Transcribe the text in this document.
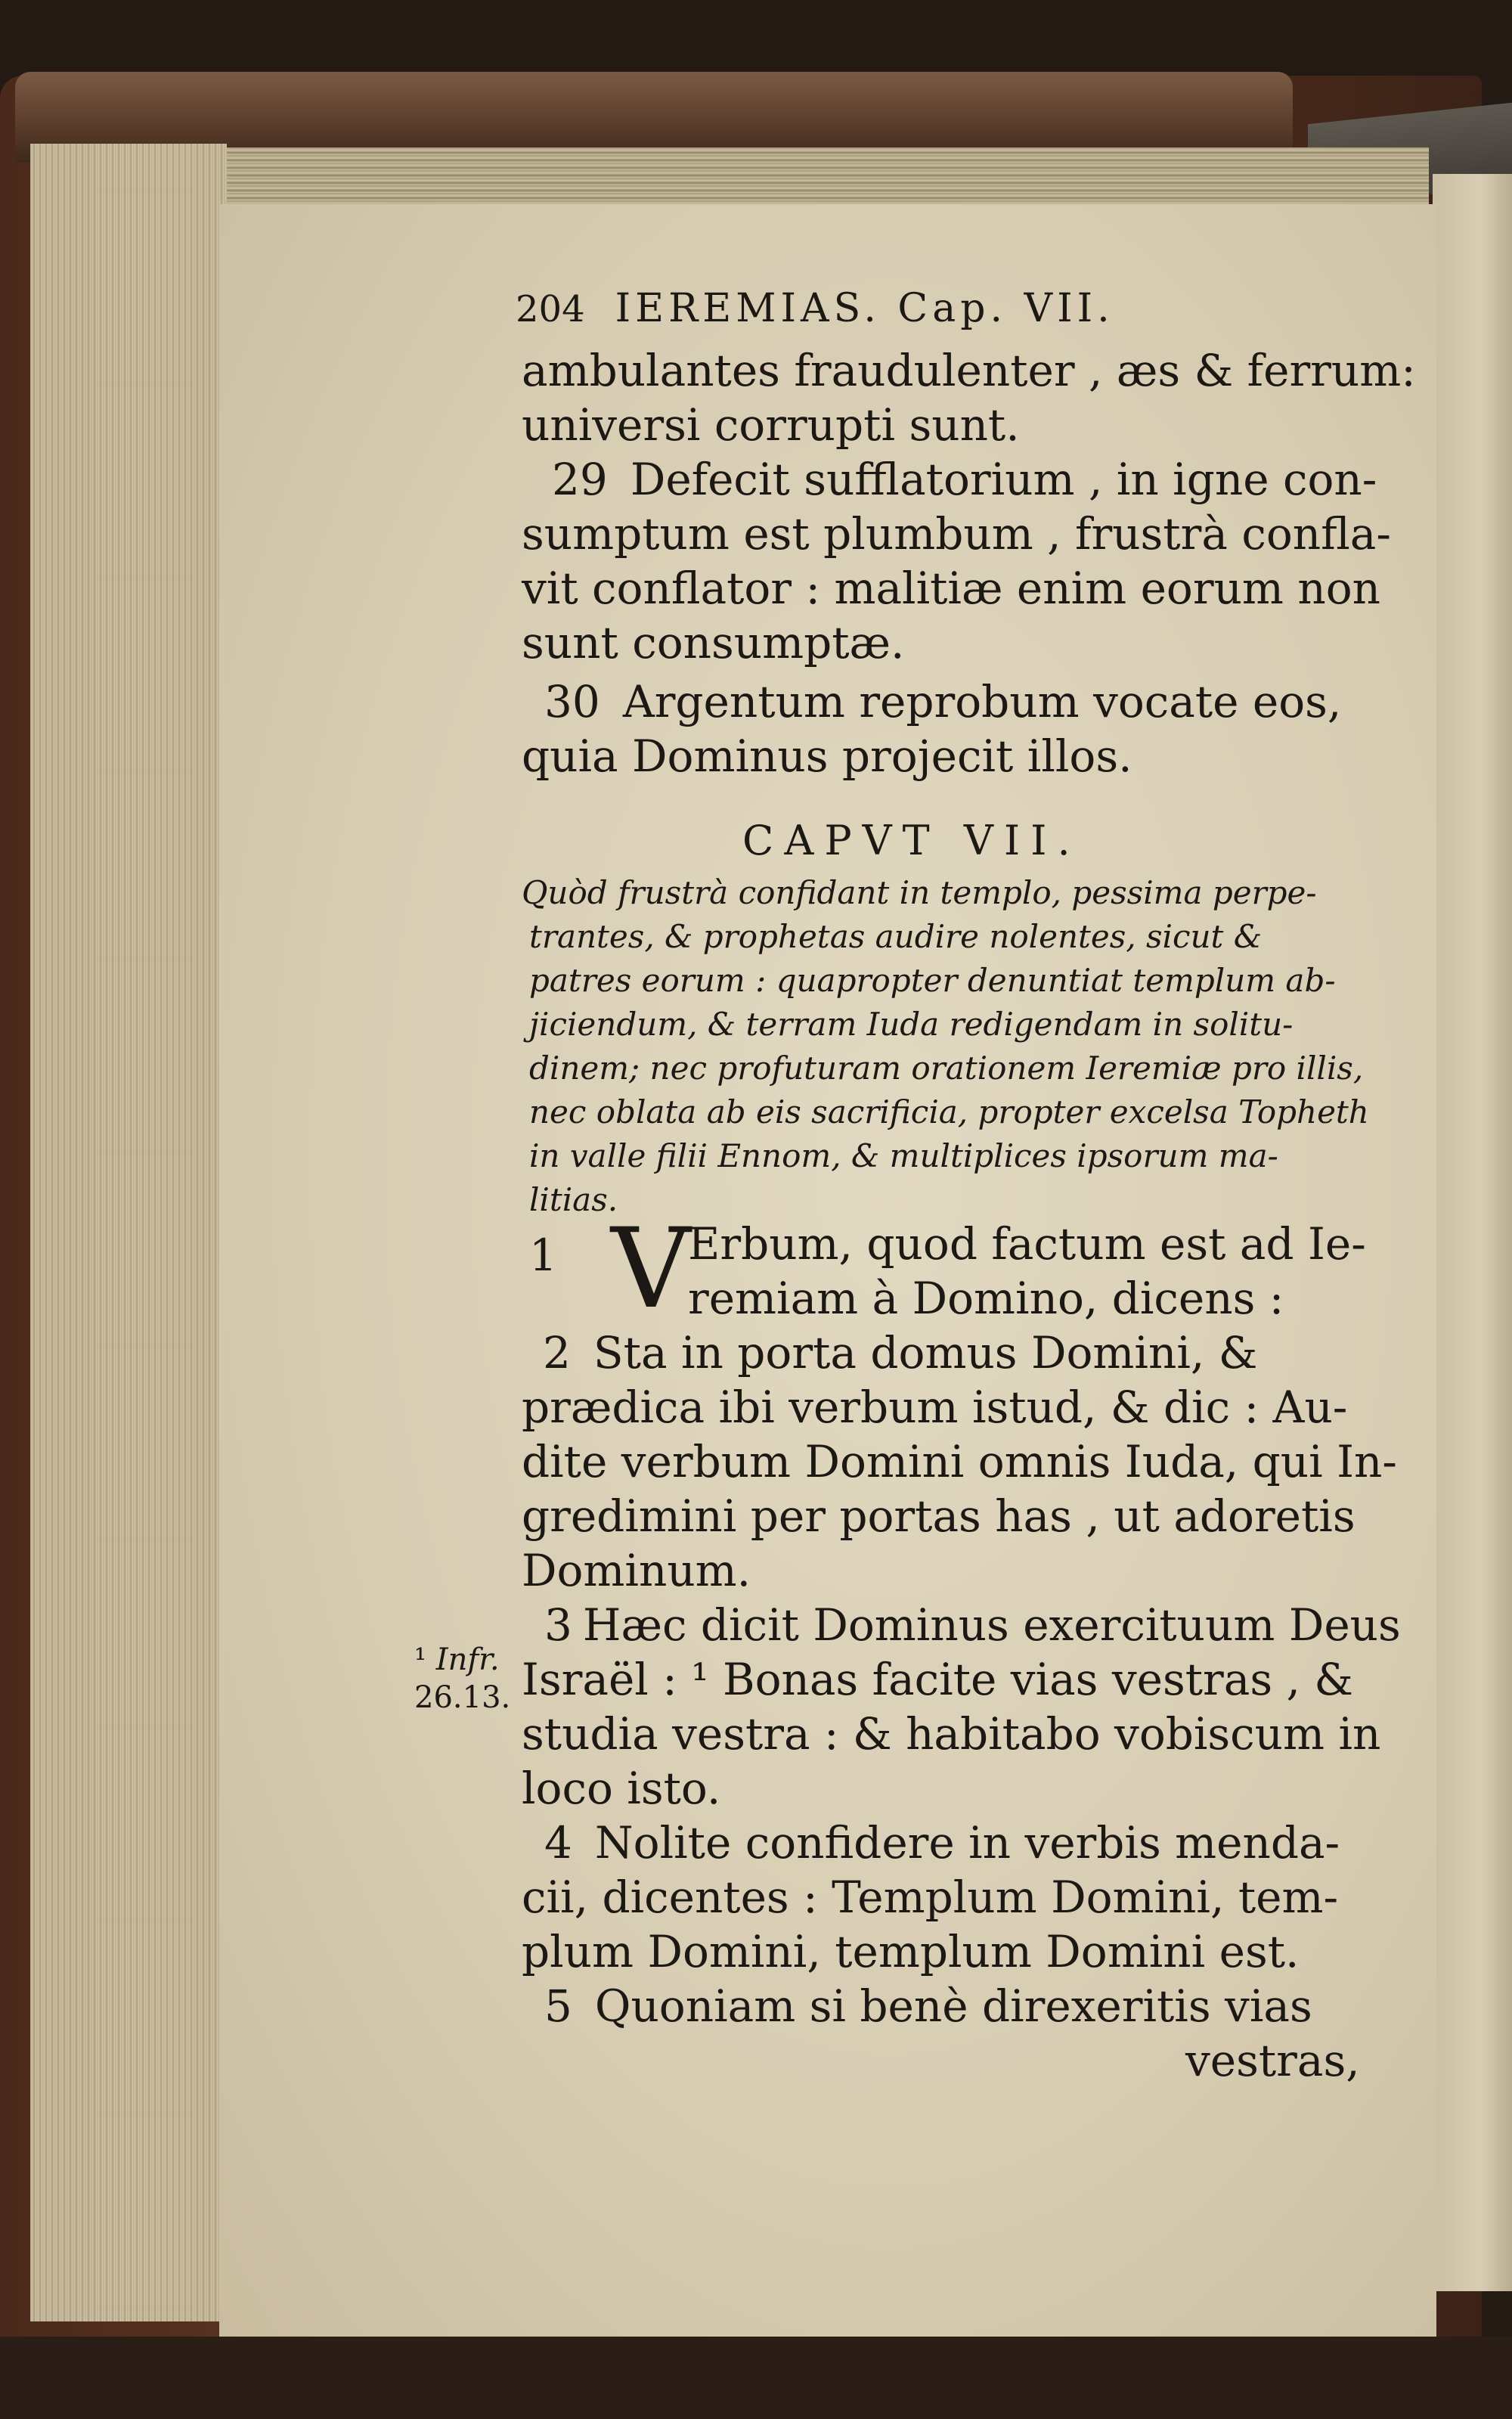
204 IEREMIAS. Cap. VII.
ambulantes fraudulenter , æs & ferrum:
universi corrupti sunt.
29 Defecit sufflatorium , in igne con-
sumptum est plumbum , frustrà confla-
vit conflator : malitiæ enim eorum non
sunt consumptæ.
30 Argentum reprobum vocate eos,
quia Dominus projecit illos.
CAPVT VII.
Quòd frustrà confidant in templo, pessima perpe-
trantes, & prophetas audire nolentes, sicut &
patres eorum : quapropter denuntiat templum ab-
jiciendum, & terram Iuda redigendam in solitu-
dinem; nec profuturam orationem Ieremiæ pro illis,
nec oblata ab eis sacrificia, propter excelsa Topheth
in valle filii Ennom, & multiplices ipsorum ma-
litias.
1 V
Erbum, quod factum est ad Ie-
remiam à Domino, dicens :
2 Sta in porta domus Domini, &
prædica ibi verbum istud, & dic : Au-
dite verbum Domini omnis Iuda, qui In-
gredimini per portas has , ut adoretis
Dominum.
¹ Infr.
26.13.
3 Hæc dicit Dominus exercituum Deus
Israël : ¹ Bonas facite vias vestras , &
studia vestra : & habitabo vobiscum in
loco isto.
4 Nolite confidere in verbis menda-
cii, dicentes : Templum Domini, tem-
plum Domini, templum Domini est.
5 Quoniam si benè direxeritis vias
vestras,
